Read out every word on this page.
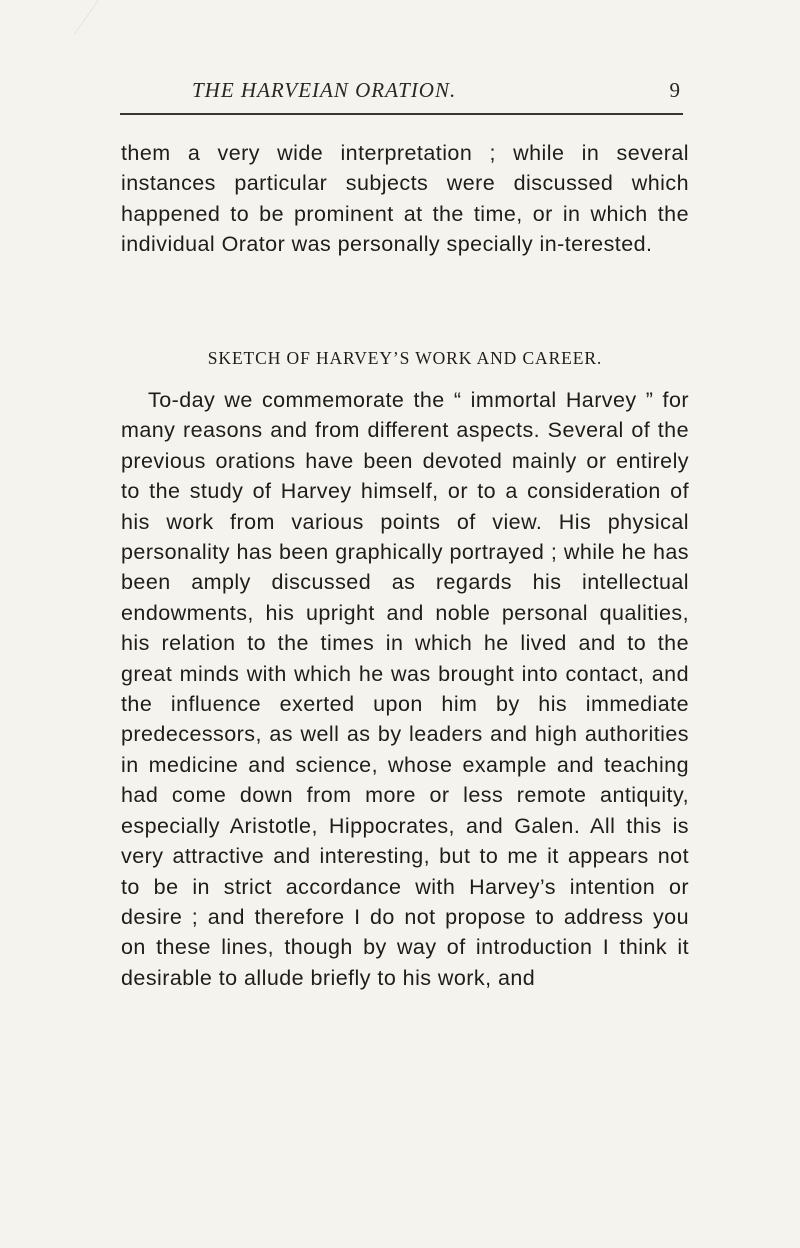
THE HARVEIAN ORATION.	9

them a very wide interpretation ; while in several instances particular subjects were discussed which happened to be prominent at the time, or in which the individual Orator was personally specially in-terested.

SKETCH OF HARVEY’S WORK AND CAREER.

To-day we commemorate the “ immortal Harvey ” for many reasons and from different aspects. Several of the previous orations have been devoted mainly or entirely to the study of Harvey himself, or to a consideration of his work from various points of view. His physical personality has been graphically portrayed ; while he has been amply discussed as regards his intellectual endowments, his upright and noble personal qualities, his relation to the times in which he lived and to the great minds with which he was brought into contact, and the influence exerted upon him by his immediate predecessors, as well as by leaders and high authorities in medicine and science, whose example and teaching had come down from more or less remote antiquity, especially Aristotle, Hippocrates, and Galen. All this is very attractive and interesting, but to me it appears not to be in strict accordance with Harvey’s intention or desire ; and therefore I do not propose to address you on these lines, though by way of introduction I think it desirable to allude briefly to his work, and
